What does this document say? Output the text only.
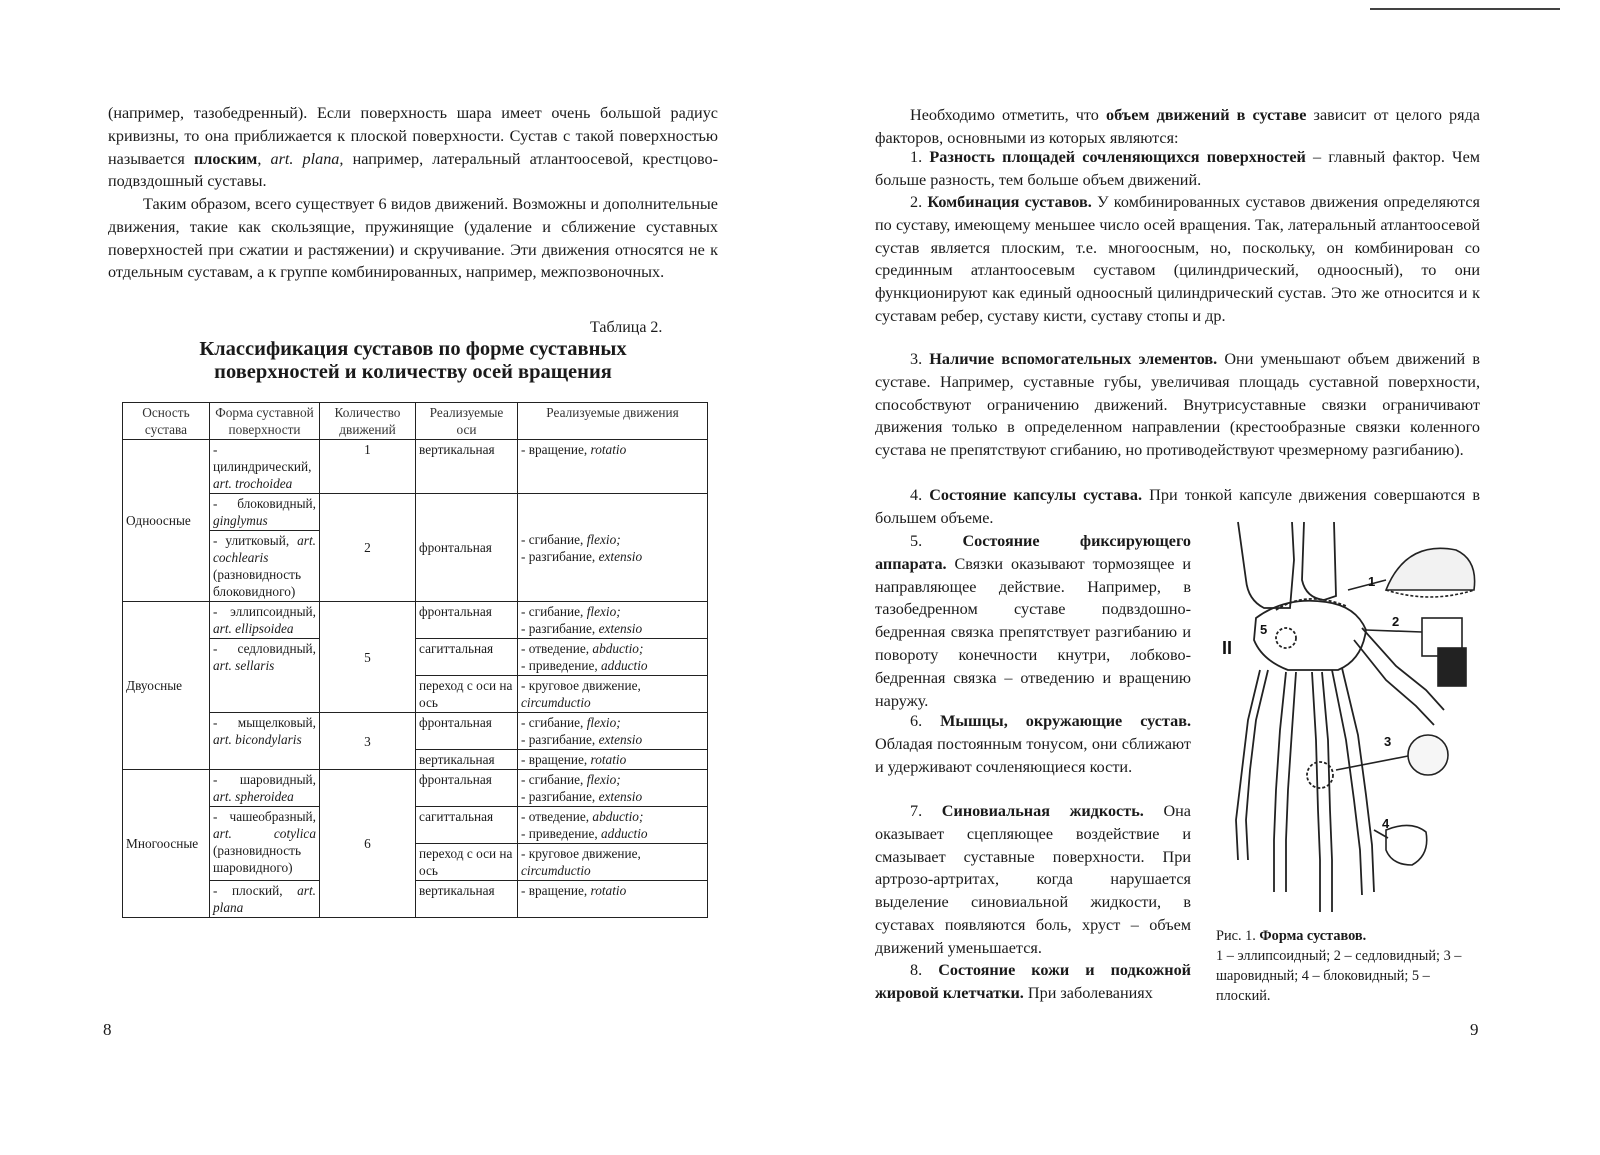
(например, тазобедренный). Если поверхность шара имеет очень большой радиус кривизны, то она приближается к плоской поверхности. Сустав с такой поверхностью называется плоским, art. plana, например, латеральный атлантоосевой, крестцово-подвздошный суставы.

Таким образом, всего существует 6 видов движений. Возможны и дополнительные движения, такие как скользящие, пружинящие (удаление и сближение суставных поверхностей при сжатии и растяжении) и скручивание. Эти движения относятся не к отдельным суставам, а к группе комбинированных, например, межпозвоночных.

Таблица 2.
Классификация суставов по форме суставных
поверхностей и количеству осей вращения
Осность сустава	Форма суставной поверхности	Количество движений	Реализуемые оси	Реализуемые движения
Одноосные	- цилиндрический, art. trochoidea	1	вертикальная	- вращение, rotatio

	- блоковидный, ginglymus	2	фронтальная	- сгибание, flexio;
- разгибание, extensio

	- улитковый, art. cochlearis (разновидность блоковидного)			
Двуосные	- эллипсоидный, art. ellipsoidea	5	фронтальная	- сгибание, flexio;
- разгибание, extensio

	- седловидный, art. sellaris		сагиттальная	- отведение, abductio;
- приведение, adductio

			переход с оси на ось	- круговое движение, circumductio

	- мыщелковый, art. bicondylaris	3	фронтальная	- сгибание, flexio;
- разгибание, extensio

			вертикальная	- вращение, rotatio

Многоосные	- шаровидный, art. spheroidea	6	фронтальная	- сгибание, flexio;
- разгибание, extensio

	- чашеобразный, art. cotylica (разновидность шаровидного)		сагиттальная	- отведение, abductio;
- приведение, adductio

			переход с оси на ось	- круговое движение, circumductio

	- плоский, art. plana		вертикальная	- вращение, rotatio
8

Необходимо отметить, что объем движений в суставе зависит от целого ряда факторов, основными из которых являются:

1. Разность площадей сочленяющихся поверхностей – главный фактор. Чем больше разность, тем больше объем движений.

2. Комбинация суставов. У комбинированных суставов движения определяются по суставу, имеющему меньшее число осей вращения. Так, латеральный атлантоосевой сустав является плоским, т.е. многоосным, но, поскольку, он комбинирован со срединным атлантоосевым суставом (цилиндрический, одноосный), то они функционируют как единый одноосный цилиндрический сустав. Это же относится и к суставам ребер, суставу кисти, суставу стопы и др.

3. Наличие вспомогательных элементов. Они уменьшают объем движений в суставе. Например, суставные губы, увеличивая площадь суставной поверхности, способствуют ограничению движений. Внутрисуставные связки ограничивают движения только в определенном направлении (крестообразные связки коленного сустава не препятствуют сгибанию, но противодействуют чрезмерному разгибанию).

4. Состояние капсулы сустава. При тонкой капсуле движения совершаются в большем объеме.

5. Состояние фиксирующего аппарата. Связки оказывают тормозящее и направляющее действие. Например, в тазобедренном суставе подвздошно-бедренная связка препятствует разгибанию и повороту конечности кнутри, лобково-бедренная связка – отведению и вращению наружу.

6. Мышцы, окружающие сустав. Обладая постоянным тонусом, они сближают и удерживают сочленяющиеся кости.

7. Синовиальная жидкость. Она оказывает сцепляющее воздействие и смазывает суставные поверхности. При артрозо-артритах, когда нарушается выделение синовиальной жидкости, в суставах появляются боль, хруст – объем движений уменьшается.

8. Состояние кожи и подкожной жировой клетчатки. При заболеваниях

9
1
2
3
4
5
II
Рис. 1. Форма суставов.
1 – эллипсоидный; 2 – седловидный; 3 – шаровидный; 4 – блоковидный; 5 – плоский.
